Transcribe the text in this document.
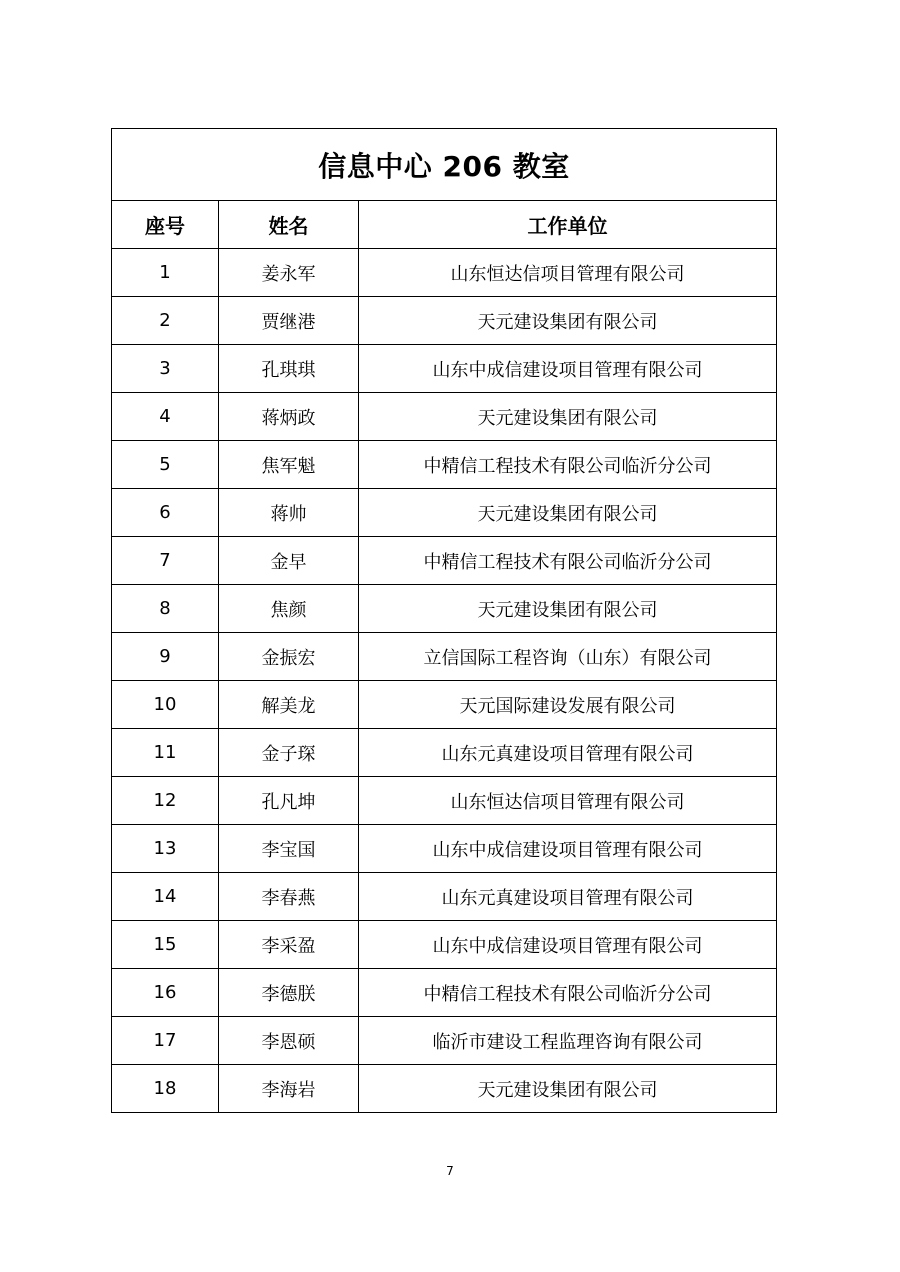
信息中心 206 教室		
座号	姓名	工作单位
1	姜永军	山东恒达信项目管理有限公司
2	贾继港	天元建设集团有限公司
3	孔琪琪	山东中成信建设项目管理有限公司
4	蒋炳政	天元建设集团有限公司
5	焦军魁	中精信工程技术有限公司临沂分公司
6	蒋帅	天元建设集团有限公司
7	金早	中精信工程技术有限公司临沂分公司
8	焦颜	天元建设集团有限公司
9	金振宏	立信国际工程咨询（山东）有限公司
10	解美龙	天元国际建设发展有限公司
11	金子琛	山东元真建设项目管理有限公司
12	孔凡坤	山东恒达信项目管理有限公司
13	李宝国	山东中成信建设项目管理有限公司
14	李春燕	山东元真建设项目管理有限公司
15	李采盈	山东中成信建设项目管理有限公司
16	李德朕	中精信工程技术有限公司临沂分公司
17	李恩硕	临沂市建设工程监理咨询有限公司
18	李海岩	天元建设集团有限公司
7
